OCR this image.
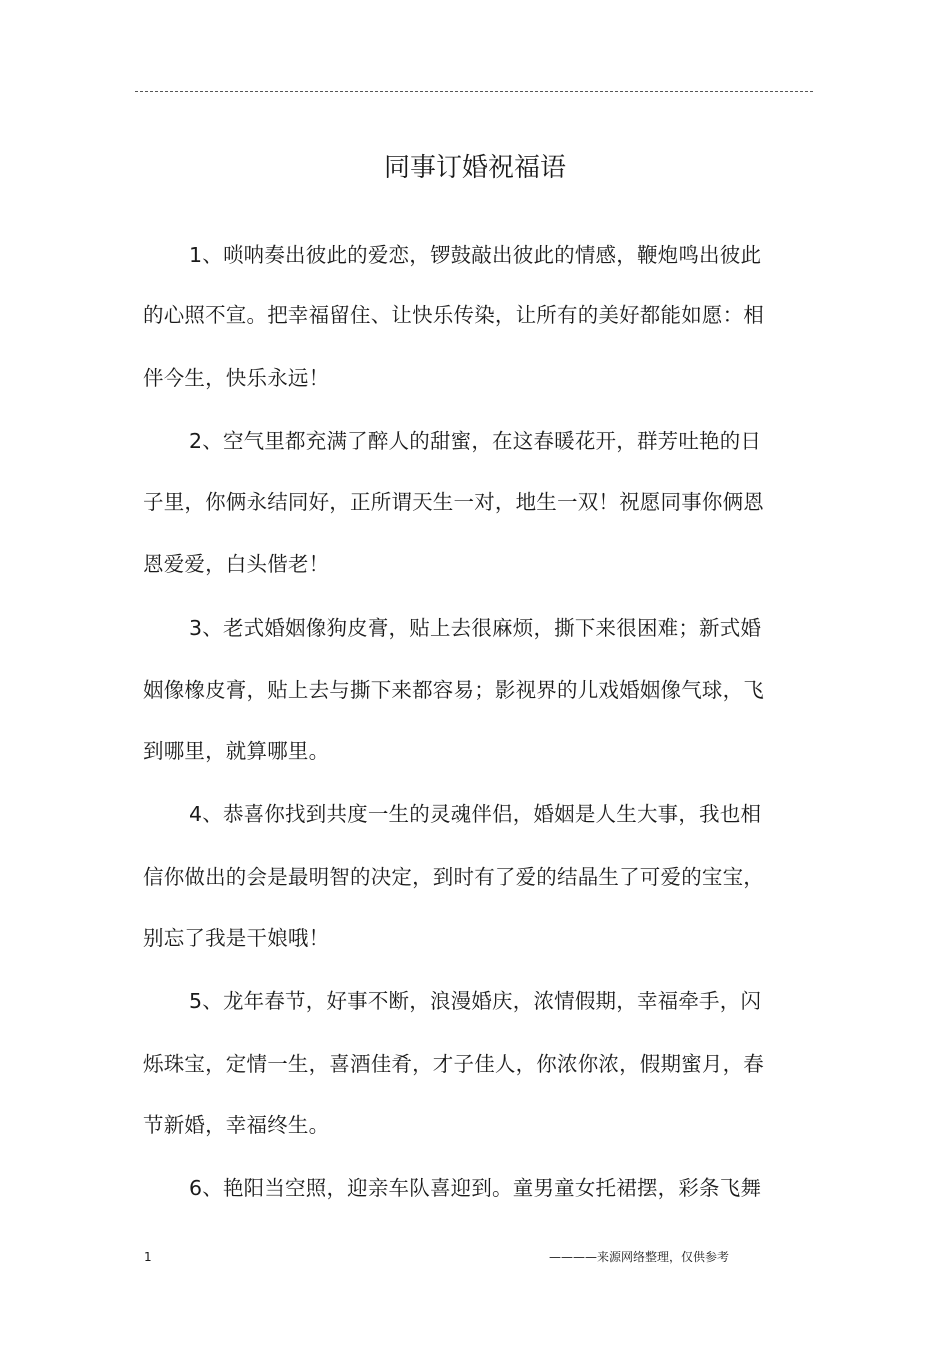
同事订婚祝福语
1、唢呐奏出彼此的爱恋，锣鼓敲出彼此的情感，鞭炮鸣出彼此
的心照不宣。把幸福留住、让快乐传染，让所有的美好都能如愿：相
伴今生，快乐永远！
2、空气里都充满了醉人的甜蜜，在这春暖花开，群芳吐艳的日
子里，你俩永结同好，正所谓天生一对，地生一双！祝愿同事你俩恩
恩爱爱，白头偕老！
3、老式婚姻像狗皮膏，贴上去很麻烦，撕下来很困难；新式婚
姻像橡皮膏，贴上去与撕下来都容易；影视界的儿戏婚姻像气球，飞
到哪里，就算哪里。
4、恭喜你找到共度一生的灵魂伴侣，婚姻是人生大事，我也相
信你做出的会是最明智的决定，到时有了爱的结晶生了可爱的宝宝，
别忘了我是干娘哦！
5、龙年春节，好事不断，浪漫婚庆，浓情假期，幸福牵手，闪
烁珠宝，定情一生，喜酒佳肴，才子佳人，你浓你浓，假期蜜月，春
节新婚，幸福终生。
6、艳阳当空照，迎亲车队喜迎到。童男童女托裙摆，彩条飞舞
1	————来源网络整理，仅供参考
